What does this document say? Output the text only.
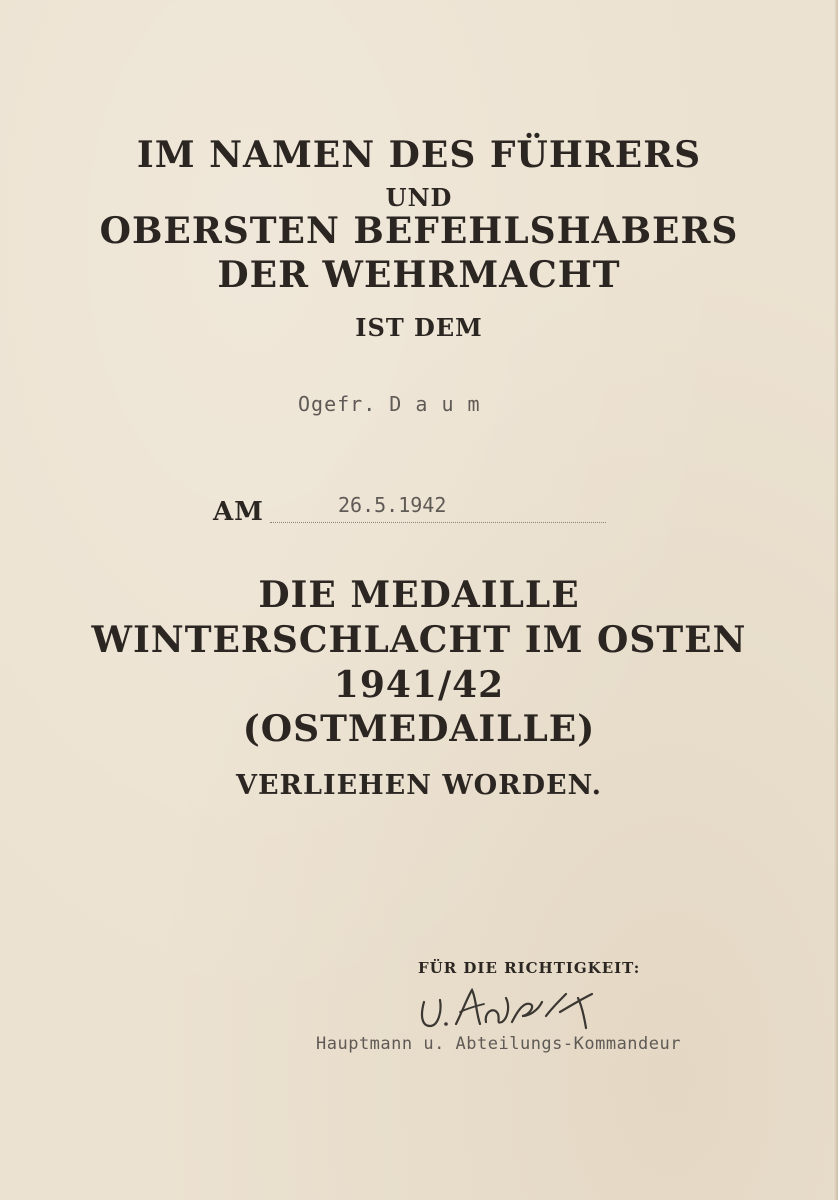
IM NAMEN DES FÜHRERS
UND
OBERSTEN BEFEHLSHABERS
DER WEHRMACHT
IST DEM
Ogefr. D a u m
AM	26.5.1942
DIE MEDAILLE
WINTERSCHLACHT IM OSTEN
1941/42
(OSTMEDAILLE)
VERLIEHEN WORDEN.
FÜR DIE RICHTIGKEIT:
Hauptmann u. Abteilungs-Kommandeur
